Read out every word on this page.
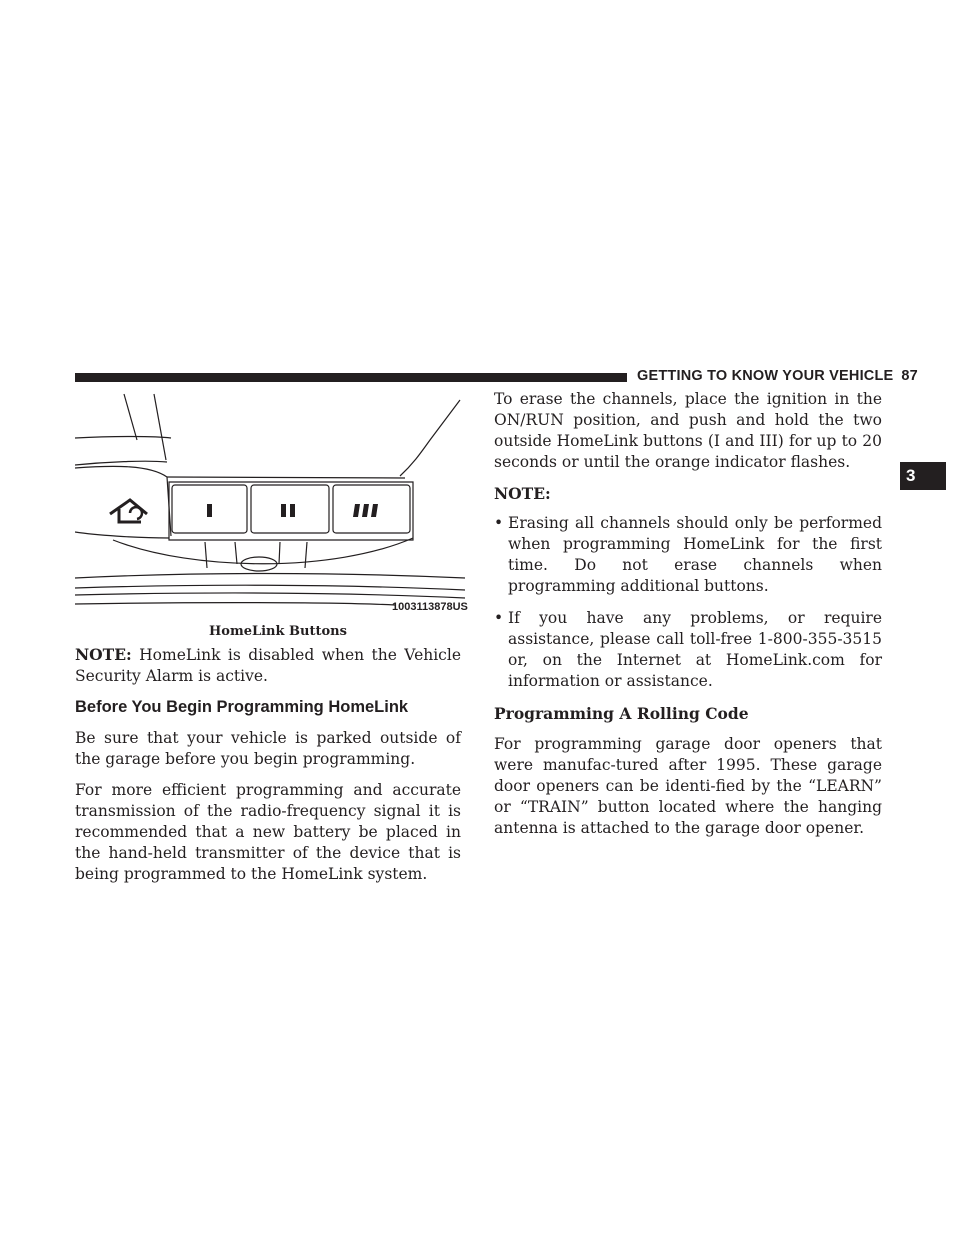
GETTING TO KNOW YOUR VEHICLE 87
3
1003113878US
HomeLink Buttons

NOTE: HomeLink is disabled when the Vehicle Security Alarm is active.

Before You Begin Programming HomeLink

Be sure that your vehicle is parked outside of the garage before you begin programming.

For more efficient programming and accurate transmission of the radio-frequency signal it is recommended that a new battery be placed in the hand-held transmitter of the device that is being programmed to the HomeLink system.

To erase the channels, place the ignition in the ON/RUN position, and push and hold the two outside HomeLink buttons (I and III) for up to 20 seconds or until the orange indicator flashes.

NOTE:
• Erasing all channels should only be performed when programming HomeLink for the first time. Do not erase channels when programming additional buttons.
• If you have any problems, or require assistance, please call toll-free 1-800-355-3515 or, on the Internet at HomeLink.com for information or assistance.
Programming A Rolling Code

For programming garage door openers that were manufac-tured after 1995. These garage door openers can be identi-fied by the “LEARN” or “TRAIN” button located where the hanging antenna is attached to the garage door opener.
